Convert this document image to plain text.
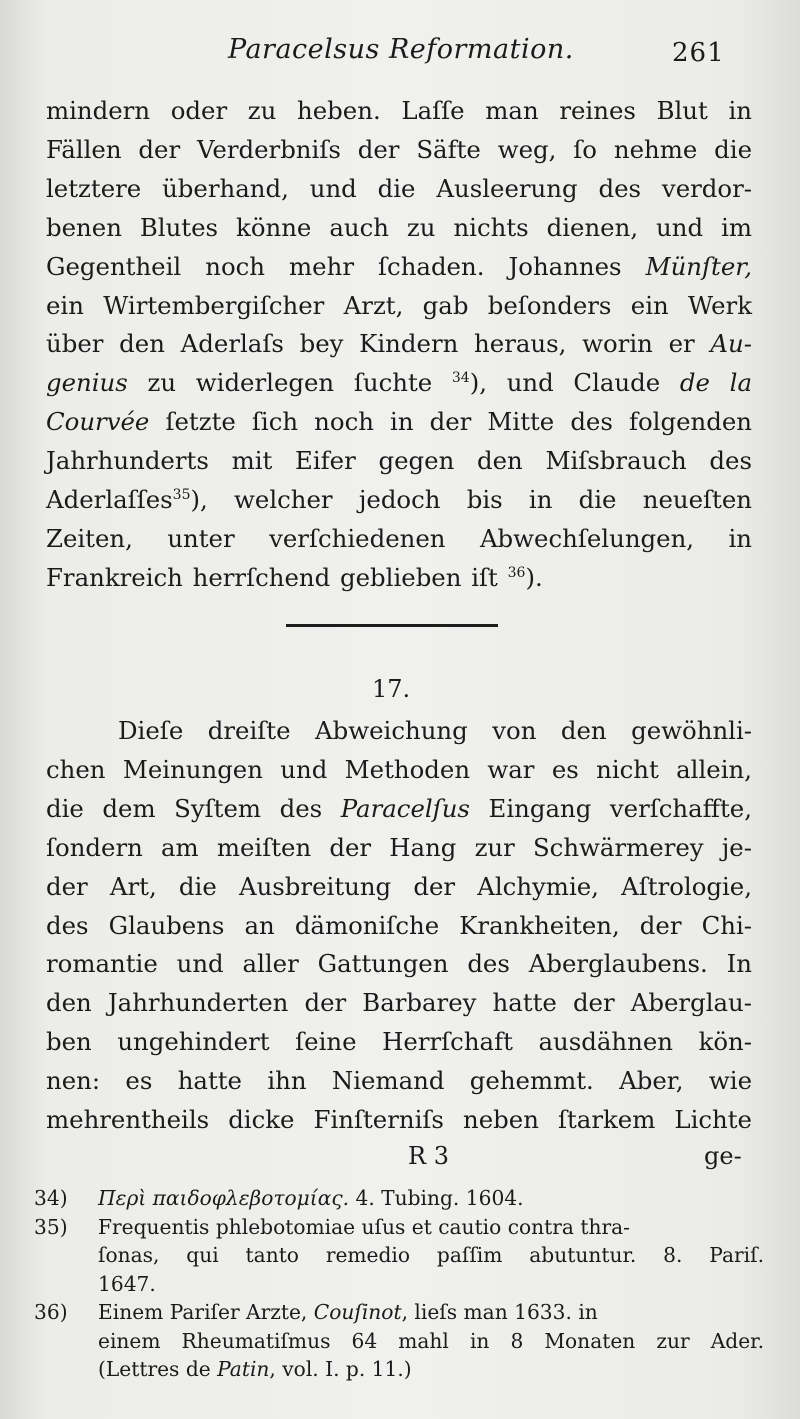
Paracelsus Reformation.	261
mindern oder zu heben. Laſſe man reines Blut in
Fällen der Verderbniſs der Säfte weg, ſo nehme die
letztere überhand, und die Ausleerung des verdor-
benen Blutes könne auch zu nichts dienen, und im
Gegentheil noch mehr ſchaden. Johannes Münſter,
ein Wirtembergiſcher Arzt, gab beſonders ein Werk
über den Aderlaſs bey Kindern heraus, worin er Au-
genius zu widerlegen ſuchte $^{34}$), und Claude de la
Courvée ſetzte ſich noch in der Mitte des folgenden
Jahrhunderts mit Eifer gegen den Miſsbrauch des
Aderlaſſes$^{35}$), welcher jedoch bis in die neueſten
Zeiten, unter verſchiedenen Abwechſelungen, in
Frankreich herrſchend geblieben iſt $^{36}$).
17.
Dieſe dreiſte Abweichung von den gewöhnli-
chen Meinungen und Methoden war es nicht allein,
die dem Syſtem des Paracelſus Eingang verſchaffte,
ſondern am meiſten der Hang zur Schwärmerey je-
der Art, die Ausbreitung der Alchymie, Aſtrologie,
des Glaubens an dämoniſche Krankheiten, der Chi-
romantie und aller Gattungen des Aberglaubens. In
den Jahrhunderten der Barbarey hatte der Aberglau-
ben ungehindert ſeine Herrſchaft ausdähnen kön-
nen: es hatte ihn Niemand gehemmt. Aber, wie
mehrentheils dicke Finſterniſs neben ſtarkem Lichte
R 3	ge-
34) Περὶ παιδοφλεβοτομίας. 4. Tubing. 1604.
35) Frequentis phlebotomiae uſus et cautio contra thra-
ſonas, qui tanto remedio paſſim abutuntur. 8. Pariſ.
1647.
36) Einem Pariſer Arzte, Couſinot, lieſs man 1633. in
einem Rheumatiſmus 64 mahl in 8 Monaten zur Ader.
(Lettres de Patin, vol. I. p. 11.)
